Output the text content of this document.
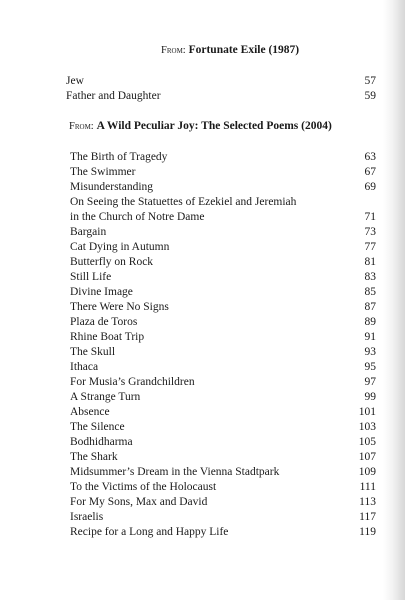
From: Fortunate Exile (1987)
Jew	57
Father and Daughter	59
From: A Wild Peculiar Joy: The Selected Poems (2004)
The Birth of Tragedy	63
The Swimmer	67
Misunderstanding	69
On Seeing the Statuettes of Ezekiel and Jeremiah
in the Church of Notre Dame	71
Bargain	73
Cat Dying in Autumn	77
Butterfly on Rock	81
Still Life	83
Divine Image	85
There Were No Signs	87
Plaza de Toros	89
Rhine Boat Trip	91
The Skull	93
Ithaca	95
For Musia’s Grandchildren	97
A Strange Turn	99
Absence	101
The Silence	103
Bodhidharma	105
The Shark	107
Midsummer’s Dream in the Vienna Stadtpark	109
To the Victims of the Holocaust	111
For My Sons, Max and David	113
Israelis	117
Recipe for a Long and Happy Life	119
